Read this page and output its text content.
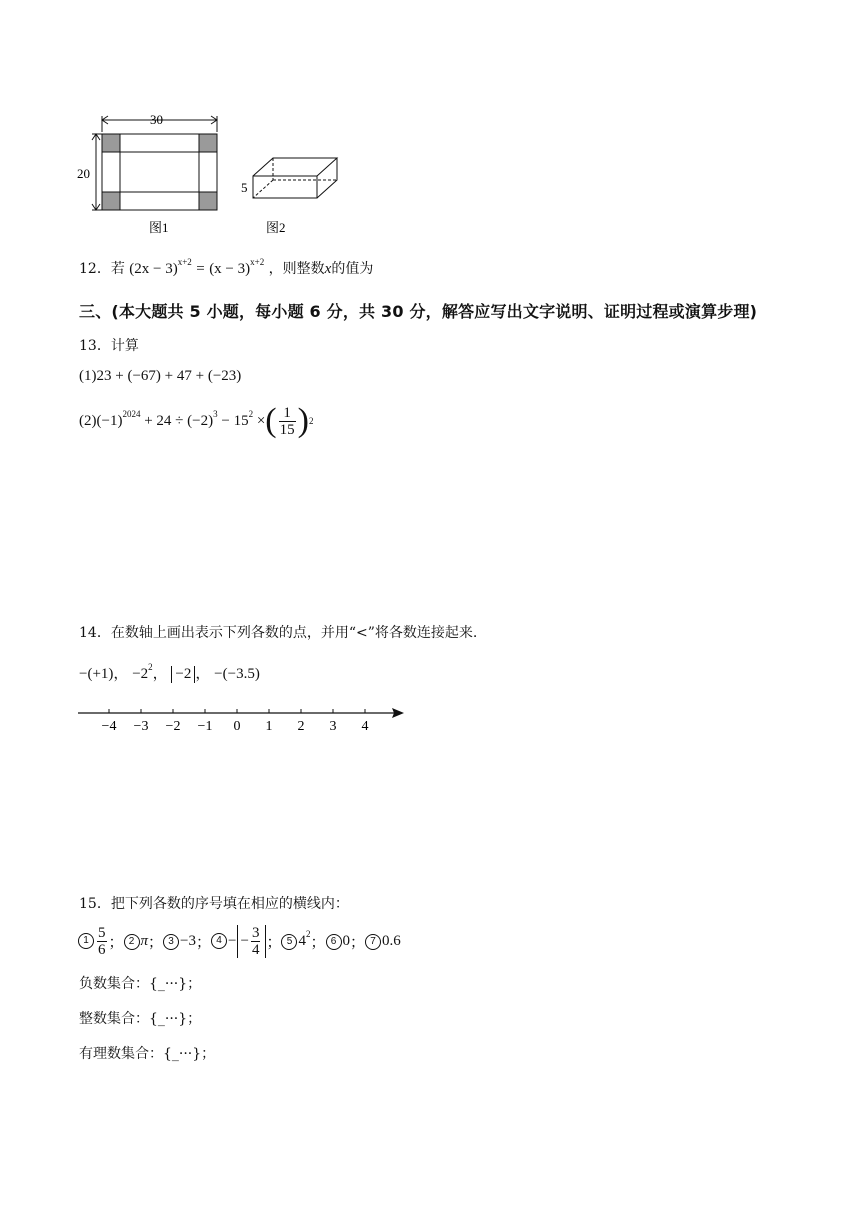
30
20
图1
5
图2
12．若 $(2x - 3)^{x+2} = (x - 3)^{x+2}$ ，则整数x的值为
三、(本大题共 5 小题，每小题 6 分，共 30 分，解答应写出文字说明、证明过程或演算步理)
13．计算
(1)23 + (−67) + 47 + (−23)
(2) $(-1)^{2024}$
+ $24 \div (-2)^3$
− $15^2$
× ( $\frac{1}{15}$ ) 2
14．在数轴上画出表示下列各数的点，并用“<”将各数连接起来.
−(+1)， $-2^2$， −2 ， −(−3.5)
−4 −3 −2 −1 0 1 2 3 4
15．把下列各数的序号填在相应的横线内：
$1 \frac{5}{6}$ ； 2 π ； 3 −3 ； 4 − − $\frac{3}{4}$ ； 5 $4^2$
； 6 0 ； 7 0.6
负数集合：{_···}；
整数集合：{_···}；
有理数集合：{_···}；
